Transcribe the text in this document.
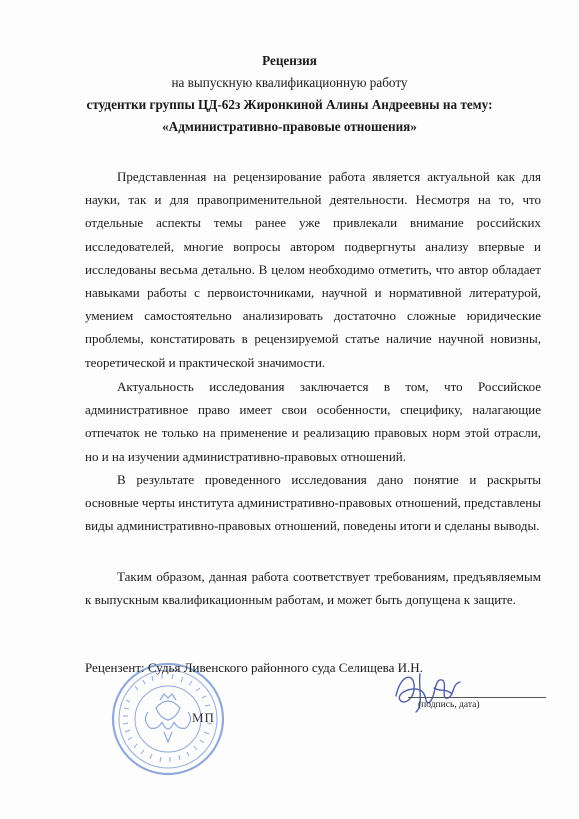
Рецензия
на выпускную квалификационную работу
студентки группы ЦД-62з Жиронкиной Алины Андреевны на тему:
«Административно-правовые отношения»

Представленная на рецензирование работа является актуальной как для науки, так и для правоприменительной деятельности. Несмотря на то, что отдельные аспекты темы ранее уже привлекали внимание российских исследователей, многие вопросы автором подвергнуты анализу впервые и исследованы весьма детально. В целом необходимо отметить, что автор обладает навыками работы с первоисточниками, научной и нормативной литературой, умением самостоятельно анализировать достаточно сложные юридические проблемы, констатировать в рецензируемой статье наличие научной новизны, теоретической и практической значимости.

Актуальность исследования заключается в том, что Российское административное право имеет свои особенности, специфику, налагающие отпечаток не только на применение и реализацию правовых норм этой отрасли, но и на изучении административно-правовых отношений.

В результате проведенного исследования дано понятие и раскрыты основные черты института административно-правовых отношений, представлены виды административно-правовых отношений, поведены итоги и сделаны выводы.

Таким образом, данная работа соответствует требованиям, предъявляемым к выпускным квалификационным работам, и может быть допущена к защите.

МП
Рецензент: Судья Ливенского районного суда Селищева И.Н.
(подпись, дата)
